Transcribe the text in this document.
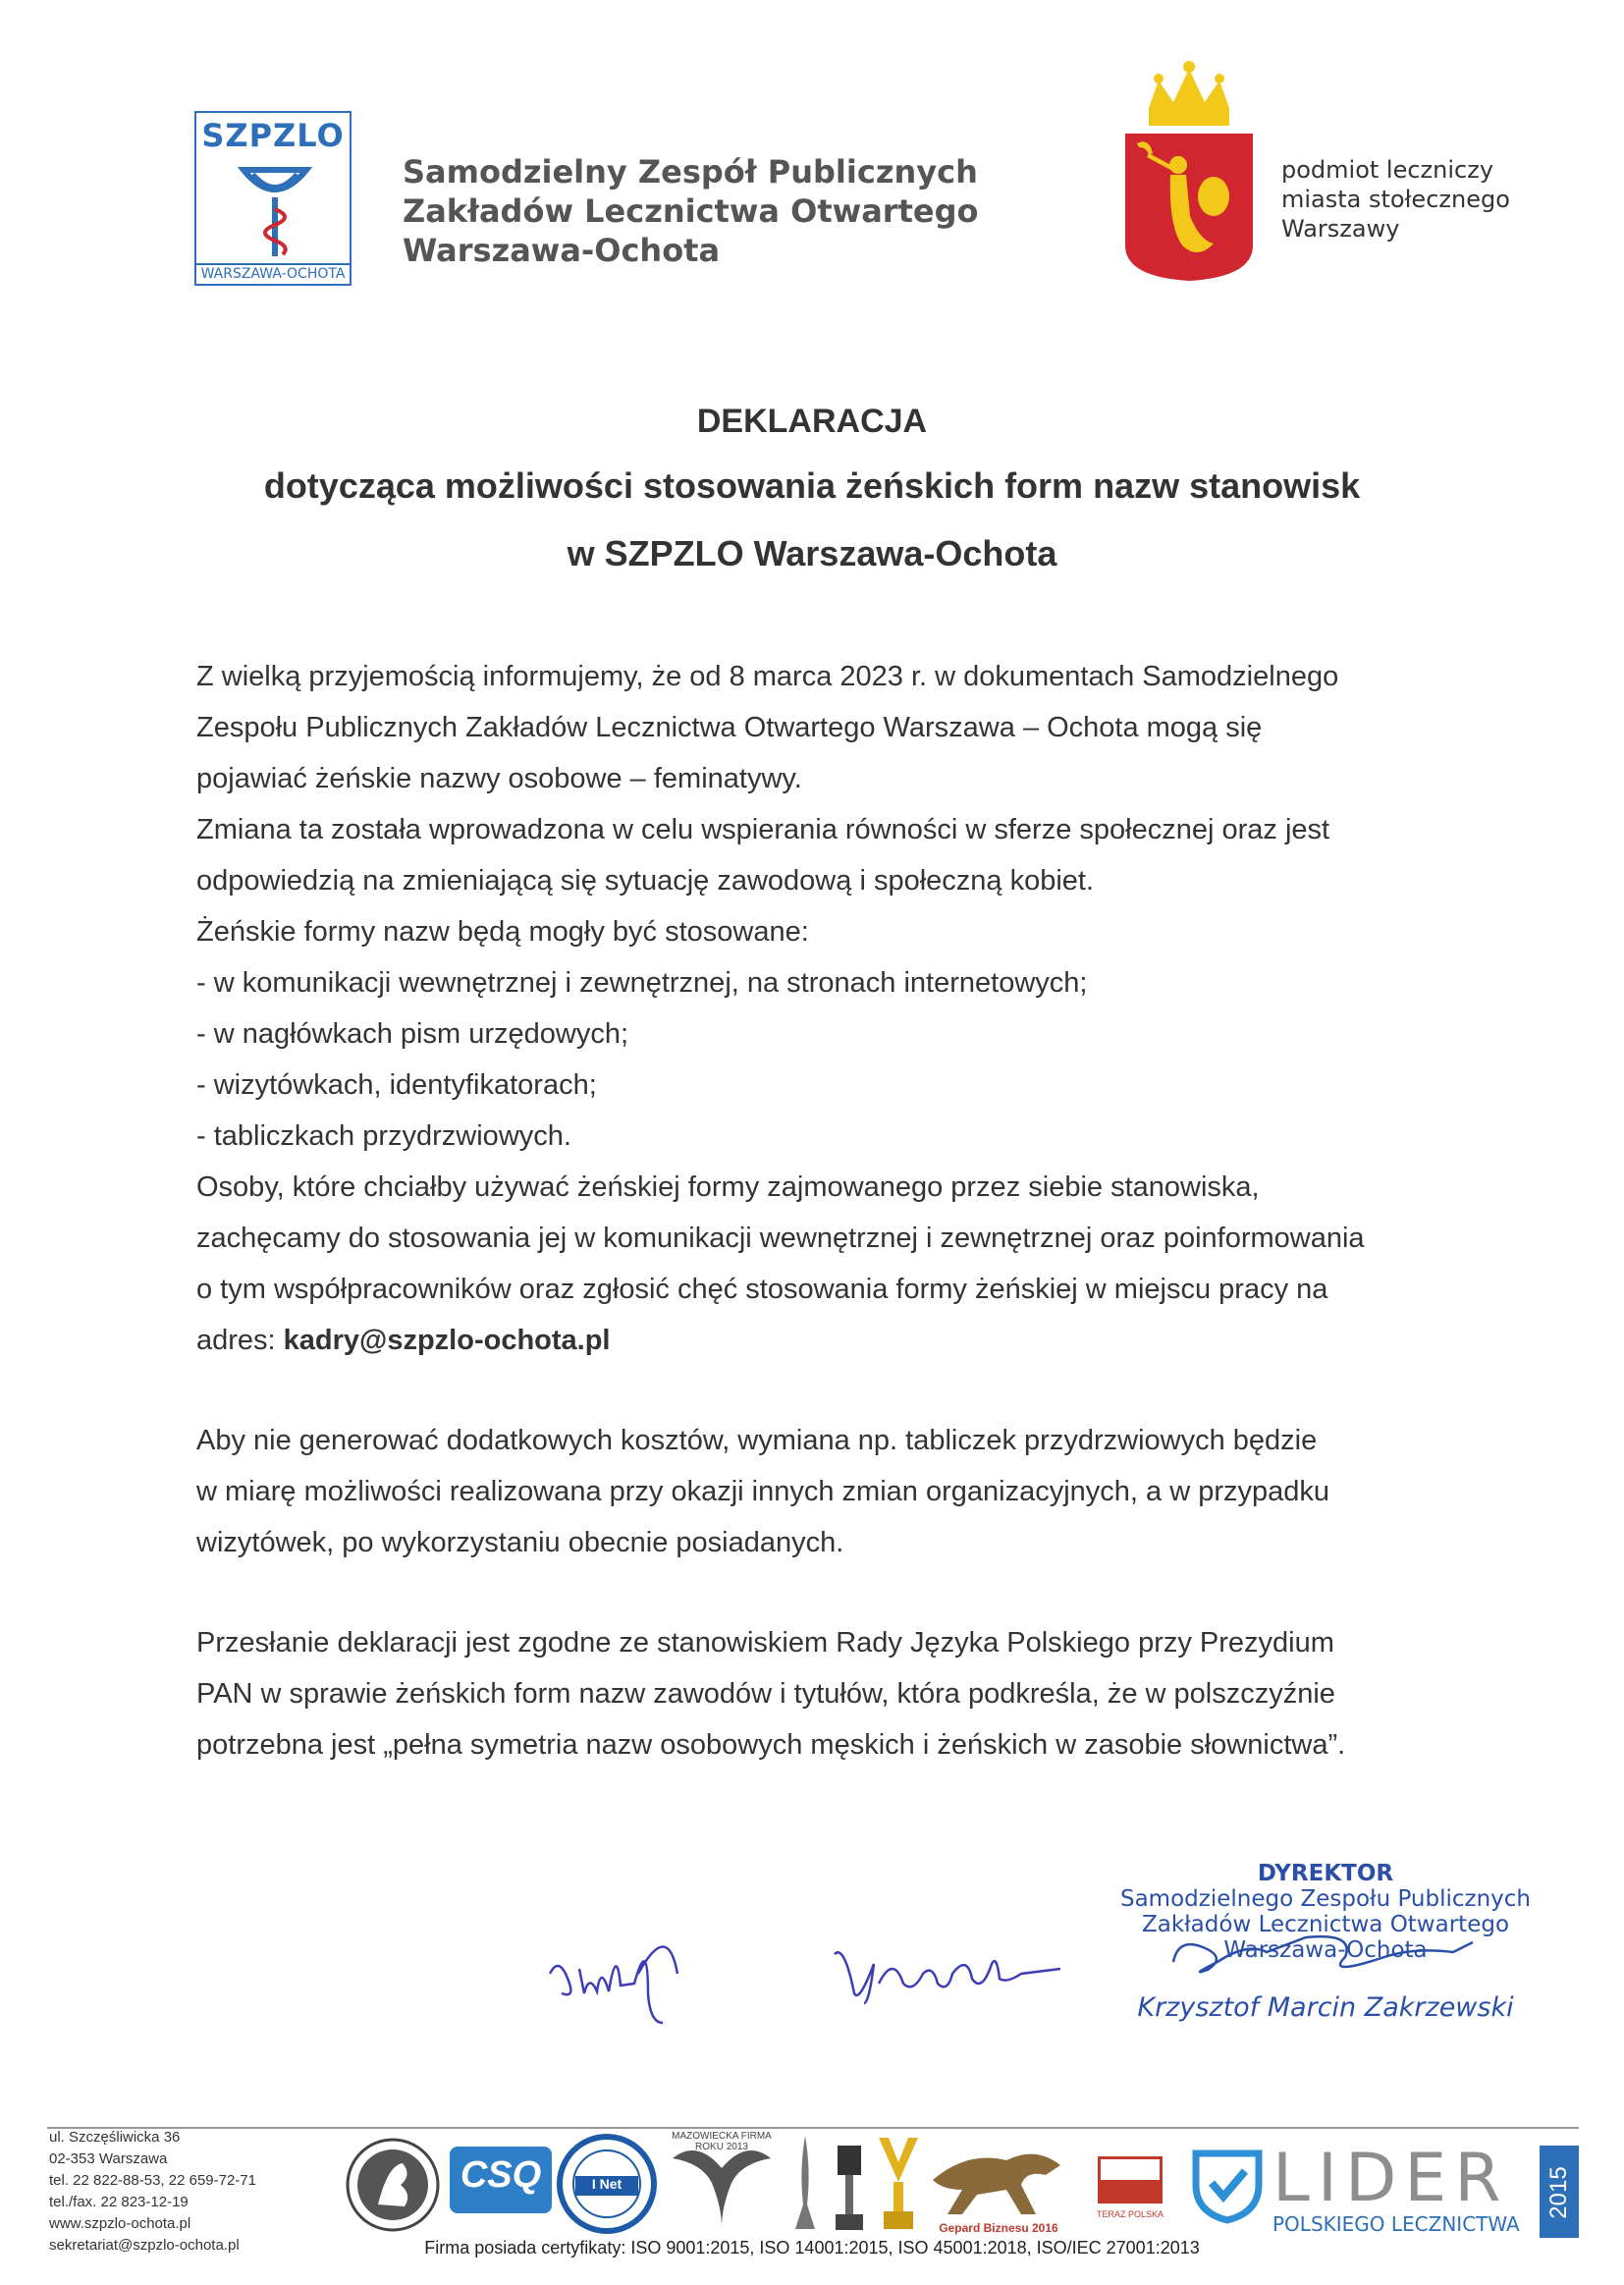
SZPZLO
WARSZAWA-OCHOTA
Samodzielny Zespół Publicznych
Zakładów Lecznictwa Otwartego
Warszawa-Ochota
podmiot leczniczy
miasta stołecznego
Warszawy
DEKLARACJA
dotycząca możliwości stosowania żeńskich form nazw stanowisk
w SZPZLO Warszawa-Ochota

Z wielką przyjemością informujemy, że od 8 marca 2023 r. w dokumentach Samodzielnego

Zespołu Publicznych Zakładów Lecznictwa Otwartego Warszawa – Ochota mogą się

pojawiać żeńskie nazwy osobowe – feminatywy.

Zmiana ta została wprowadzona w celu wspierania równości w sferze społecznej oraz jest

odpowiedzią na zmieniającą się sytuację zawodową i społeczną kobiet.

Żeńskie formy nazw będą mogły być stosowane:

- w komunikacji wewnętrznej i zewnętrznej, na stronach internetowych;

- w nagłówkach pism urzędowych;

- wizytówkach, identyfikatorach;

- tabliczkach przydrzwiowych.

Osoby, które chciałby używać żeńskiej formy zajmowanego przez siebie stanowiska,

zachęcamy do stosowania jej w komunikacji wewnętrznej i zewnętrznej oraz poinformowania

o tym współpracowników oraz zgłosić chęć stosowania formy żeńskiej w miejscu pracy na

adres: kadry@szpzlo-ochota.pl

Aby nie generować dodatkowych kosztów, wymiana np. tabliczek przydrzwiowych będzie

w miarę możliwości realizowana przy okazji innych zmian organizacyjnych, a w przypadku

wizytówek, po wykorzystaniu obecnie posiadanych.

Przesłanie deklaracji jest zgodne ze stanowiskiem Rady Języka Polskiego przy Prezydium

PAN w sprawie żeńskich form nazw zawodów i tytułów, która podkreśla, że w polszczyźnie

potrzebna jest „pełna symetria nazw osobowych męskich i żeńskich w zasobie słownictwa”.

DYREKTOR
Samodzielnego Zespołu Publicznych
Zakładów Lecznictwa Otwartego
Warszawa-Ochota
Krzysztof Marcin Zakrzewski
ul. Szczęśliwicka 36
02-353 Warszawa
tel. 22 822-88-53, 22 659-72-71
tel./fax. 22 823-12-19
www.szpzlo-ochota.pl
sekretariat@szpzlo-ochota.pl
CSQ	I Net
MAZOWIECKA FIRMA ROKU 2013
Gepard Biznesu 2016
TERAZ POLSKA LIDER
POLSKIEGO LECZNICTWA
2015
Firma posiada certyfikaty: ISO 9001:2015, ISO 14001:2015, ISO 45001:2018, ISO/IEC 27001:2013
